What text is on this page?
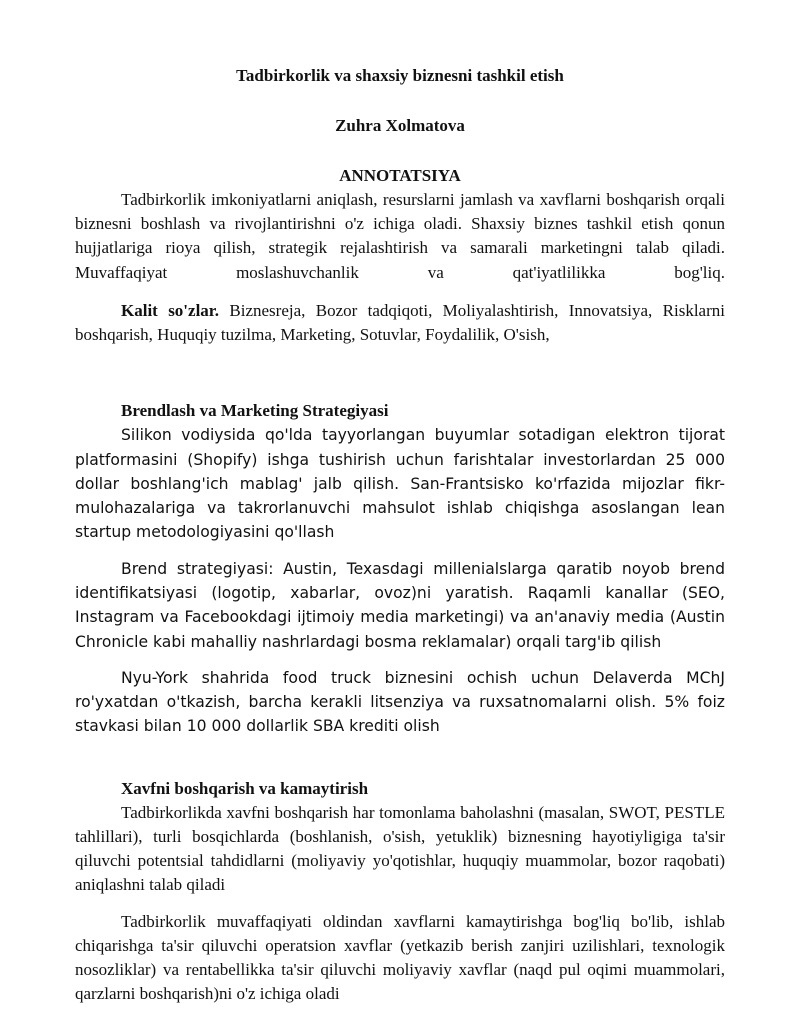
Tadbirkorlik va shaxsiy biznesni tashkil etish

Zuhra Xolmatova

ANNOTATSIYA

Tadbirkorlik imkoniyatlarni aniqlash, resurslarni jamlash va xavflarni boshqarish orqali biznesni boshlash va rivojlantirishni o'z ichiga oladi. Shaxsiy biznes tashkil etish qonun hujjatlariga rioya qilish, strategik rejalashtirish va samarali marketingni talab qiladi. Muvaffaqiyat moslashuvchanlik va qat'iyatlilikka bog'liq.

Kalit so'zlar. Biznesreja, Bozor tadqiqoti, Moliyalashtirish, Innovatsiya, Risklarni boshqarish, Huquqiy tuzilma, Marketing, Sotuvlar, Foydalilik, O'sish,

Brendlash va Marketing Strategiyasi

Silikon vodiysida qo'lda tayyorlangan buyumlar sotadigan elektron tijorat platformasini (Shopify) ishga tushirish uchun farishtalar investorlardan 25 000 dollar boshlang'ich mablag' jalb qilish. San-Frantsisko ko'rfazida mijozlar fikr-mulohazalariga va takrorlanuvchi mahsulot ishlab chiqishga asoslangan lean startup metodologiyasini qo'llash

Brend strategiyasi: Austin, Texasdagi millenialslarga qaratib noyob brend identifikatsiyasi (logotip, xabarlar, ovoz)ni yaratish. Raqamli kanallar (SEO, Instagram va Facebookdagi ijtimoiy media marketingi) va an'anaviy media (Austin Chronicle kabi mahalliy nashrlardagi bosma reklamalar) orqali targ'ib qilish

Nyu-York shahrida food truck biznesini ochish uchun Delaverda MChJ ro'yxatdan o'tkazish, barcha kerakli litsenziya va ruxsatnomalarni olish. 5% foiz stavkasi bilan 10 000 dollarlik SBA krediti olish

Xavfni boshqarish va kamaytirish

Tadbirkorlikda xavfni boshqarish har tomonlama baholashni (masalan, SWOT, PESTLE tahlillari), turli bosqichlarda (boshlanish, o'sish, yetuklik) biznesning hayotiyligiga ta'sir qiluvchi potentsial tahdidlarni (moliyaviy yo'qotishlar, huquqiy muammolar, bozor raqobati) aniqlashni talab qiladi

Tadbirkorlik muvaffaqiyati oldindan xavflarni kamaytirishga bog'liq bo'lib, ishlab chiqarishga ta'sir qiluvchi operatsion xavflar (yetkazib berish zanjiri uzilishlari, texnologik nosozliklar) va rentabellikka ta'sir qiluvchi moliyaviy xavflar (naqd pul oqimi muammolari, qarzlarni boshqarish)ni o'z ichiga oladi
